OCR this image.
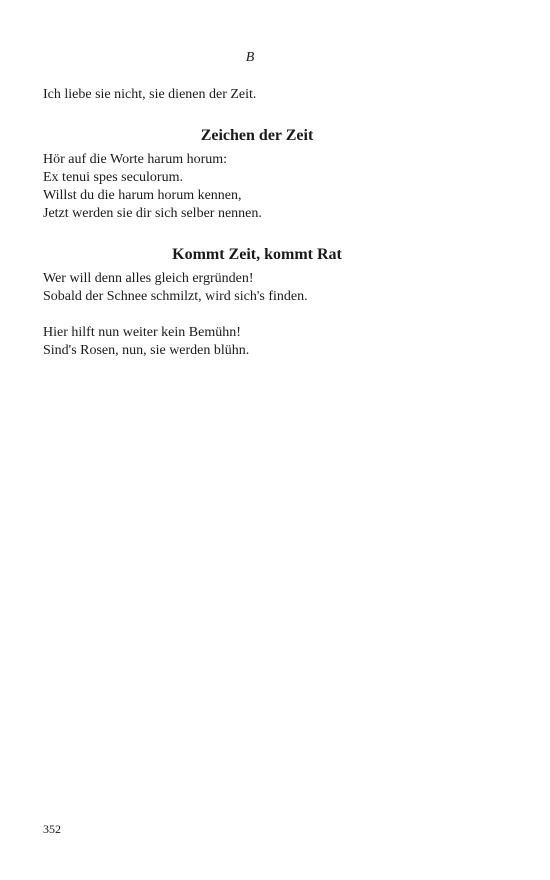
B
Ich liebe sie nicht, sie dienen der Zeit.
Zeichen der Zeit
Hör auf die Worte harum horum:
Ex tenui spes seculorum.
Willst du die harum horum kennen,
Jetzt werden sie dir sich selber nennen.
Kommt Zeit, kommt Rat
Wer will denn alles gleich ergründen!
Sobald der Schnee schmilzt, wird sich's finden.
Hier hilft nun weiter kein Bemühn!
Sind's Rosen, nun, sie werden blühn.
352
